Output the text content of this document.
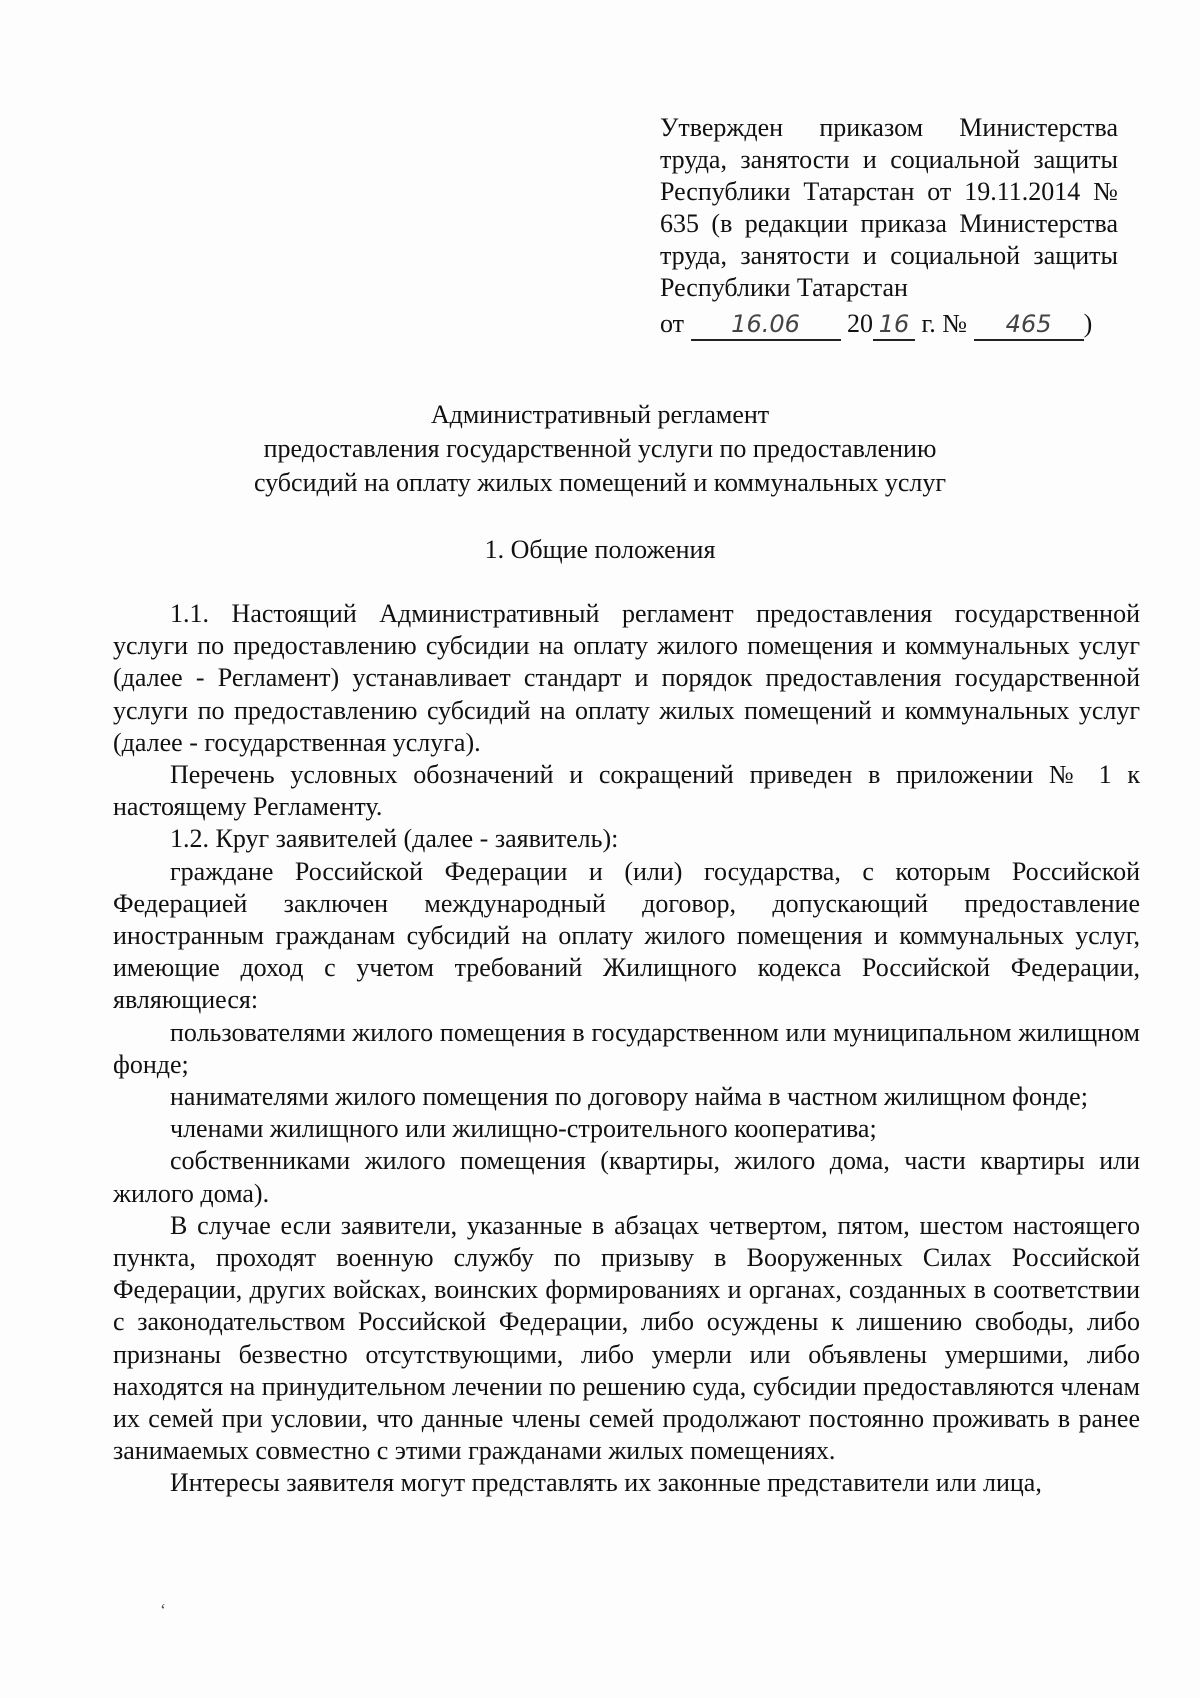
Утвержден приказом Министерства
труда, занятости и социальной защиты
Республики Татарстан от 19.11.2014 №
635 (в редакции приказа Министерства
труда, занятости и социальной защиты
Республики Татарстан
от 16.06 20 16 г. № 465 )
Административный регламент
предоставления государственной услуги по предоставлению
субсидий на оплату жилых помещений и коммунальных услуг
1. Общие положения

1.1. Настоящий Административный регламент предоставления государственной услуги по предоставлению субсидии на оплату жилого помещения и коммунальных услуг (далее - Регламент) устанавливает стандарт и порядок предоставления государственной услуги по предоставлению субсидий на оплату жилых помещений и коммунальных услуг (далее - государственная услуга).

Перечень условных обозначений и сокращений приведен в приложении № 1 к настоящему Регламенту.

1.2. Круг заявителей (далее - заявитель):

граждане Российской Федерации и (или) государства, с которым Российской Федерацией заключен международный договор, допускающий предоставление иностранным гражданам субсидий на оплату жилого помещения и коммунальных услуг, имеющие доход с учетом требований Жилищного кодекса Российской Федерации, являющиеся:

пользователями жилого помещения в государственном или муниципальном жилищном фонде;

нанимателями жилого помещения по договору найма в частном жилищном фонде;

членами жилищного или жилищно-строительного кооператива;

собственниками жилого помещения (квартиры, жилого дома, части квартиры или жилого дома).

В случае если заявители, указанные в абзацах четвертом, пятом, шестом настоящего пункта, проходят военную службу по призыву в Вооруженных Силах Российской Федерации, других войсках, воинских формированиях и органах, созданных в соответствии с законодательством Российской Федерации, либо осуждены к лишению свободы, либо признаны безвестно отсутствующими, либо умерли или объявлены умершими, либо находятся на принудительном лечении по решению суда, субсидии предоставляются членам их семей при условии, что данные члены семей продолжают постоянно проживать в ранее занимаемых совместно с этими гражданами жилых помещениях.

Интересы заявителя могут представлять их законные представители или лица,

ʻ
